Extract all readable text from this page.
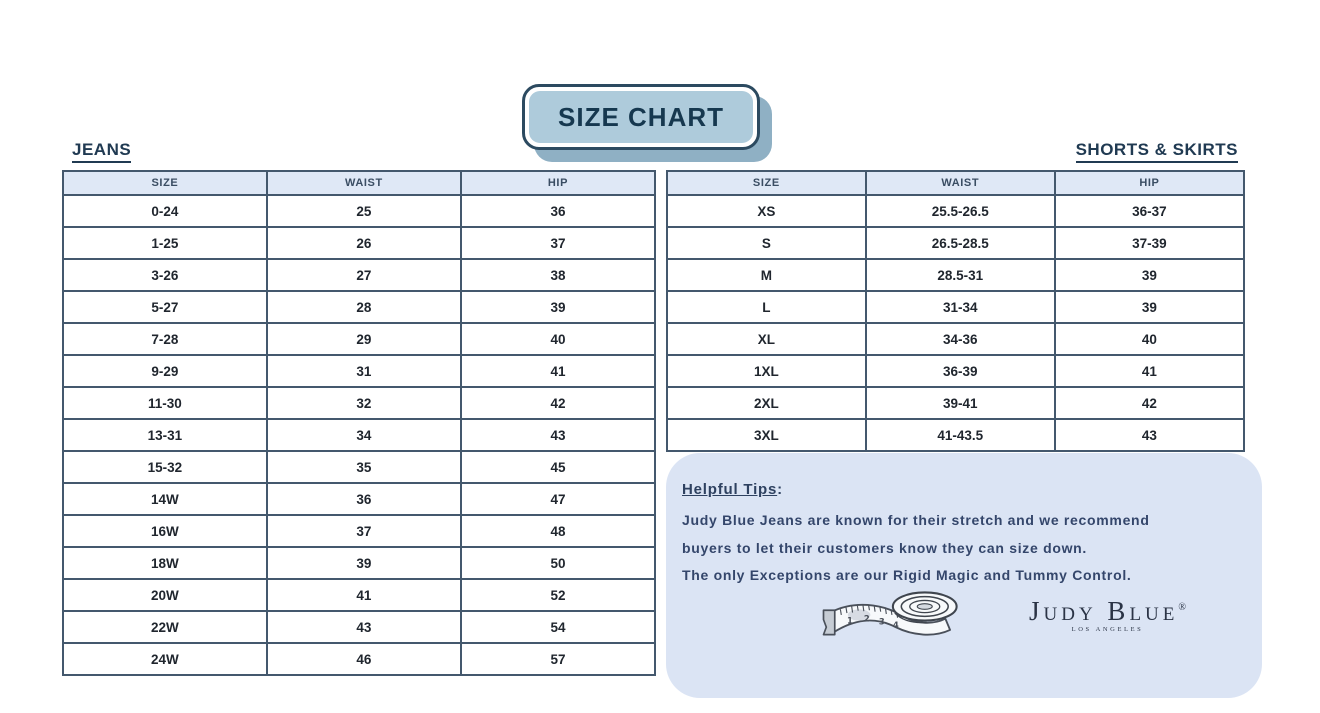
SIZE CHART
JEANS	SHORTS & SKIRTS
SIZE	WAIST	HIP
0-24	25	36
1-25	26	37
3-26	27	38
5-27	28	39
7-28	29	40
9-29	31	41
11-30	32	42
13-31	34	43
15-32	35	45
14W	36	47
16W	37	48
18W	39	50
20W	41	52
22W	43	54
24W	46	57
SIZE	WAIST	HIP
XS	25.5-26.5	36-37
S	26.5-28.5	37-39
M	28.5-31	39
L	31-34	39
XL	34-36	40
1XL	36-39	41
2XL	39-41	42
3XL	41-43.5	43
Helpful Tips:
Judy Blue Jeans are known for their stretch and we recommend
buyers to let their customers know they can size down.
The only Exceptions are our Rigid Magic and Tummy Control.
1 2 3 4	Judy Blue®
LOS ANGELES
